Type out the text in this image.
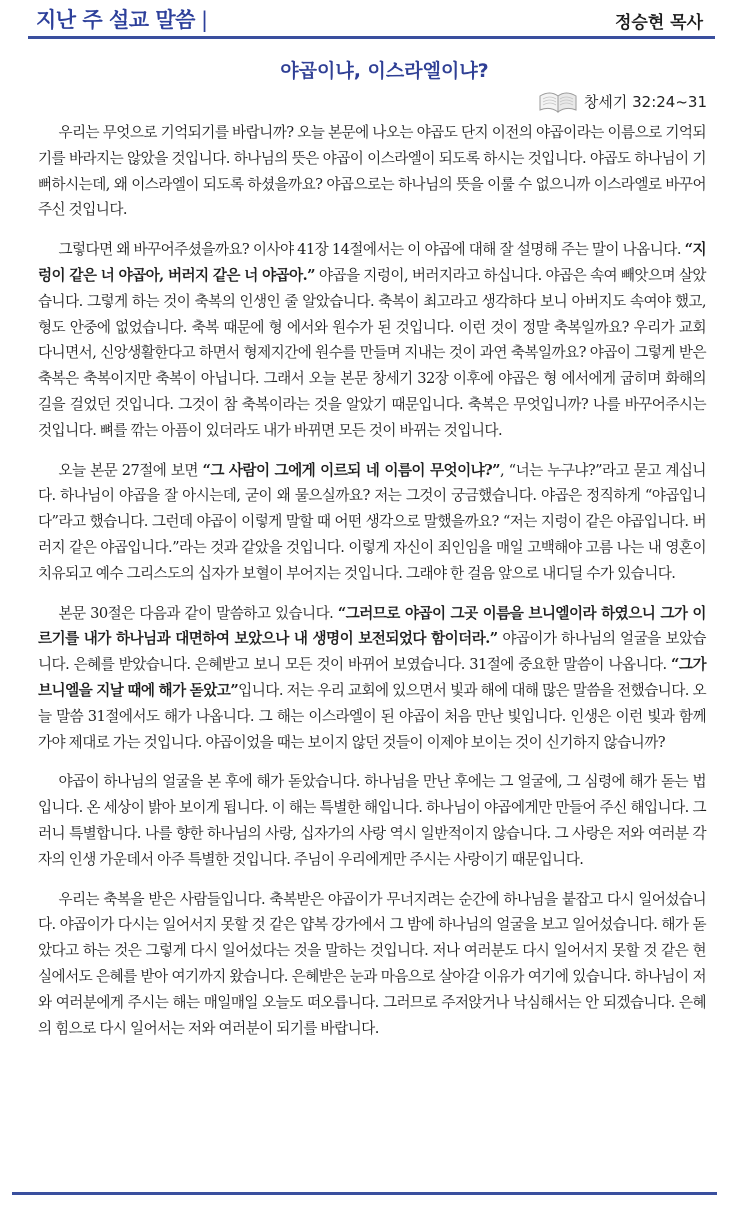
지난 주 설교 말씀 |	정승현 목사
야곱이냐, 이스라엘이냐?
창세기 32:24~31

우리는 무엇으로 기억되기를 바랍니까? 오늘 본문에 나오는 야곱도 단지 이전의 야곱이라는 이름으로 기억되기를 바라지는 않았을 것입니다. 하나님의 뜻은 야곱이 이스라엘이 되도록 하시는 것입니다. 야곱도 하나님이 기뻐하시는데, 왜 이스라엘이 되도록 하셨을까요? 야곱으로는 하나님의 뜻을 이룰 수 없으니까 이스라엘로 바꾸어주신 것입니다.

그렇다면 왜 바꾸어주셨을까요? 이사야 41장 14절에서는 이 야곱에 대해 잘 설명해 주는 말이 나옵니다. “지렁이 같은 너 야곱아, 버러지 같은 너 야곱아.” 야곱을 지렁이, 버러지라고 하십니다. 야곱은 속여 빼앗으며 살았습니다. 그렇게 하는 것이 축복의 인생인 줄 알았습니다. 축복이 최고라고 생각하다 보니 아버지도 속여야 했고, 형도 안중에 없었습니다. 축복 때문에 형 에서와 원수가 된 것입니다. 이런 것이 정말 축복일까요? 우리가 교회 다니면서, 신앙생활한다고 하면서 형제지간에 원수를 만들며 지내는 것이 과연 축복일까요? 야곱이 그렇게 받은 축복은 축복이지만 축복이 아닙니다. 그래서 오늘 본문 창세기 32장 이후에 야곱은 형 에서에게 굽히며 화해의 길을 걸었던 것입니다. 그것이 참 축복이라는 것을 알았기 때문입니다. 축복은 무엇입니까? 나를 바꾸어주시는 것입니다. 뼈를 깎는 아픔이 있더라도 내가 바뀌면 모든 것이 바뀌는 것입니다.

오늘 본문 27절에 보면 “그 사람이 그에게 이르되 네 이름이 무엇이냐?”, “너는 누구냐?”라고 묻고 계십니다. 하나님이 야곱을 잘 아시는데, 굳이 왜 물으실까요? 저는 그것이 궁금했습니다. 야곱은 정직하게 “야곱입니다”라고 했습니다. 그런데 야곱이 이렇게 말할 때 어떤 생각으로 말했을까요? “저는 지렁이 같은 야곱입니다. 버러지 같은 야곱입니다.”라는 것과 같았을 것입니다. 이렇게 자신이 죄인임을 매일 고백해야 고름 나는 내 영혼이 치유되고 예수 그리스도의 십자가 보혈이 부어지는 것입니다. 그래야 한 걸음 앞으로 내디딜 수가 있습니다.

본문 30절은 다음과 같이 말씀하고 있습니다. “그러므로 야곱이 그곳 이름을 브니엘이라 하였으니 그가 이르기를 내가 하나님과 대면하여 보았으나 내 생명이 보전되었다 함이더라.” 야곱이가 하나님의 얼굴을 보았습니다. 은혜를 받았습니다. 은혜받고 보니 모든 것이 바뀌어 보였습니다. 31절에 중요한 말씀이 나옵니다. “그가 브니엘을 지날 때에 해가 돋았고”입니다. 저는 우리 교회에 있으면서 빛과 해에 대해 많은 말씀을 전했습니다. 오늘 말씀 31절에서도 해가 나옵니다. 그 해는 이스라엘이 된 야곱이 처음 만난 빛입니다. 인생은 이런 빛과 함께 가야 제대로 가는 것입니다. 야곱이었을 때는 보이지 않던 것들이 이제야 보이는 것이 신기하지 않습니까?

야곱이 하나님의 얼굴을 본 후에 해가 돋았습니다. 하나님을 만난 후에는 그 얼굴에, 그 심령에 해가 돋는 법입니다. 온 세상이 밝아 보이게 됩니다. 이 해는 특별한 해입니다. 하나님이 야곱에게만 만들어 주신 해입니다. 그러니 특별합니다. 나를 향한 하나님의 사랑, 십자가의 사랑 역시 일반적이지 않습니다. 그 사랑은 저와 여러분 각자의 인생 가운데서 아주 특별한 것입니다. 주님이 우리에게만 주시는 사랑이기 때문입니다.

우리는 축복을 받은 사람들입니다. 축복받은 야곱이가 무너지려는 순간에 하나님을 붙잡고 다시 일어섰습니다. 야곱이가 다시는 일어서지 못할 것 같은 얍복 강가에서 그 밤에 하나님의 얼굴을 보고 일어섰습니다. 해가 돋았다고 하는 것은 그렇게 다시 일어섰다는 것을 말하는 것입니다. 저나 여러분도 다시 일어서지 못할 것 같은 현실에서도 은혜를 받아 여기까지 왔습니다. 은혜받은 눈과 마음으로 살아갈 이유가 여기에 있습니다. 하나님이 저와 여러분에게 주시는 해는 매일매일 오늘도 떠오릅니다. 그러므로 주저앉거나 낙심해서는 안 되겠습니다. 은혜의 힘으로 다시 일어서는 저와 여러분이 되기를 바랍니다.
